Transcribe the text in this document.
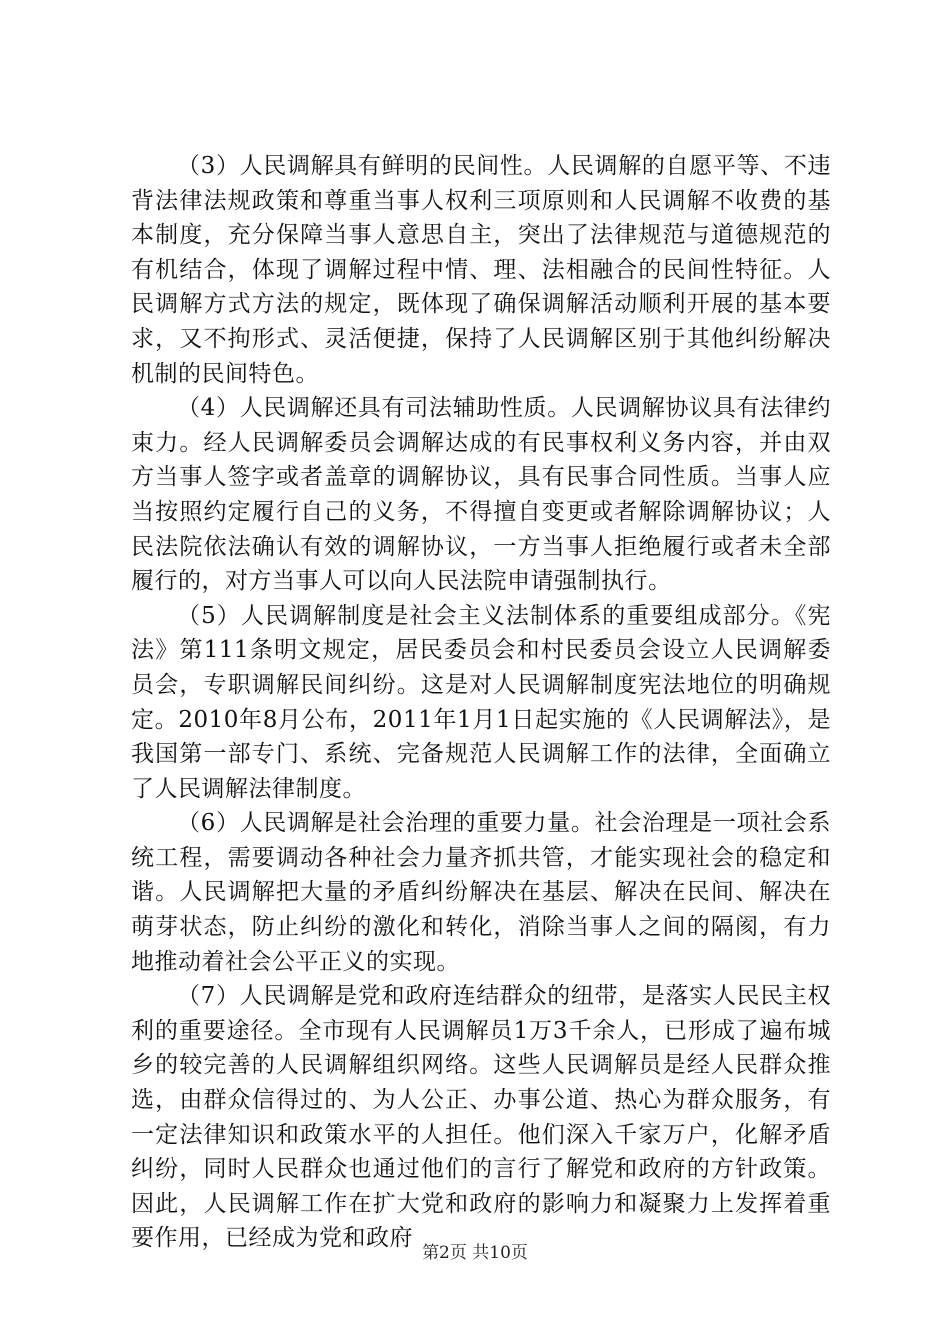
（3）人民调解具有鲜明的民间性。人民调解的自愿平等、不违背法律法规政策和尊重当事人权利三项原则和人民调解不收费的基本制度，充分保障当事人意思自主，突出了法律规范与道德规范的有机结合，体现了调解过程中情、理、法相融合的民间性特征。人民调解方式方法的规定，既体现了确保调解活动顺利开展的基本要求，又不拘形式、灵活便捷，保持了人民调解区别于其他纠纷解决机制的民间特色。

（4）人民调解还具有司法辅助性质。人民调解协议具有法律约束力。经人民调解委员会调解达成的有民事权利义务内容，并由双方当事人签字或者盖章的调解协议，具有民事合同性质。当事人应当按照约定履行自己的义务，不得擅自变更或者解除调解协议；人民法院依法确认有效的调解协议，一方当事人拒绝履行或者未全部履行的，对方当事人可以向人民法院申请强制执行。

（5）人民调解制度是社会主义法制体系的重要组成部分。《宪法》第111条明文规定，居民委员会和村民委员会设立人民调解委员会，专职调解民间纠纷。这是对人民调解制度宪法地位的明确规定。2010年8月公布，2011年1月1日起实施的《人民调解法》，是我国第一部专门、系统、完备规范人民调解工作的法律，全面确立了人民调解法律制度。

（6）人民调解是社会治理的重要力量。社会治理是一项社会系统工程，需要调动各种社会力量齐抓共管，才能实现社会的稳定和谐。人民调解把大量的矛盾纠纷解决在基层、解决在民间、解决在萌芽状态，防止纠纷的激化和转化，消除当事人之间的隔阂，有力地推动着社会公平正义的实现。

（7）人民调解是党和政府连结群众的纽带，是落实人民民主权利的重要途径。全市现有人民调解员1万3千余人，已形成了遍布城乡的较完善的人民调解组织网络。这些人民调解员是经人民群众推选，由群众信得过的、为人公正、办事公道、热心为群众服务，有一定法律知识和政策水平的人担任。他们深入千家万户，化解矛盾纠纷，同时人民群众也通过他们的言行了解党和政府的方针政策。因此，人民调解工作在扩大党和政府的影响力和凝聚力上发挥着重要作用，已经成为党和政府

第2页 共10页
